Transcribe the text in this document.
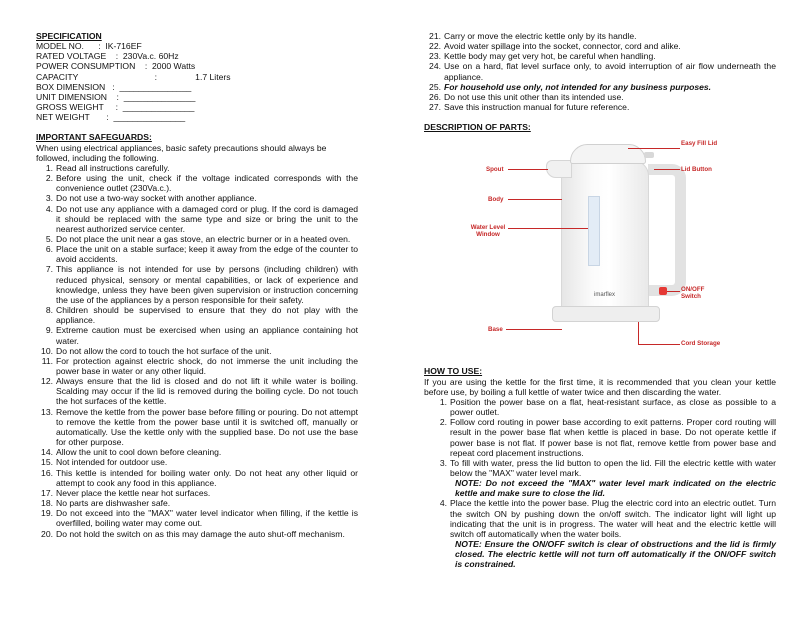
SPECIFICATION
MODEL NO.      :  IK-716EF
RATED VOLTAGE    :  230Va.c. 60Hz
POWER CONSUMPTION    :  2000 Watts
CAPACITY                                :                1.7 Liters
BOX DIMENSION   :  _______________
UNIT DIMENSION    :  _______________
GROSS WEIGHT     :  _______________
NET WEIGHT       :  _______________
IMPORTANT SAFEGUARDS:
When using electrical appliances, basic safety precautions should always be followed, including the following.
1. Read all instructions carefully.
2. Before using the unit, check if the voltage indicated corresponds with the convenience outlet (230Va.c.).
3. Do not use a two-way socket with another appliance.
4. Do not use any appliance with a damaged cord or plug. If the cord is damaged it should be replaced with the same type and size or bring the unit to the nearest authorized service center.
5. Do not place the unit near a gas stove, an electric burner or in a heated oven.
6. Place the unit on a stable surface; keep it away from the edge of the counter to avoid accidents.
7. This appliance is not intended for use by persons (including children) with reduced physical, sensory or mental capabilities, or lack of experience and knowledge, unless they have been given supervision or instruction concerning the use of the appliances by a person responsible for their safety.
8. Children should be supervised to ensure that they do not play with the appliance.
9. Extreme caution must be exercised when using an appliance containing hot water.
10. Do not allow the cord to touch the hot surface of the unit.
11. For protection against electric shock, do not immerse the unit including the power base in water or any other liquid.
12. Always ensure that the lid is closed and do not lift it while water is boiling. Scalding may occur if the lid is removed during the boiling cycle. Do not touch the hot surfaces of the kettle.
13. Remove the kettle from the power base before filling or pouring. Do not attempt to remove the kettle from the power base until it is switched off, manually or automatically. Use the kettle only with the supplied base. Do not use the base for other purpose.
14. Allow the unit to cool down before cleaning.
15. Not intended for outdoor use.
16. This kettle is intended for boiling water only. Do not heat any other liquid or attempt to cook any food in this appliance.
17. Never place the kettle near hot surfaces.
18. No parts are dishwasher safe.
19. Do not exceed into the "MAX" water level indicator when filling, if the kettle is overfilled, boiling water may come out.
20. Do not hold the switch on as this may damage the auto shut-off mechanism.
21. Carry or move the electric kettle only by its handle.
22. Avoid water spillage into the socket, connector, cord and alike.
23. Kettle body may get very hot, be careful when handling.
24. Use on a hard, flat level surface only, to avoid interruption of air flow underneath the appliance.
25. For household use only, not intended for any business purposes.
26. Do not use this unit other than its intended use.
27. Save this instruction manual for future reference.
DESCRIPTION OF PARTS:
imarflex
Easy Fill Lid
Spout	Lid Button
Body
Water Level Window
ON/OFF Switch
Base
Cord Storage
HOW TO USE:
If you are using the kettle for the first time, it is recommended that you clean your kettle before use, by boiling a full kettle of water twice and then discarding the water.
1. Position the power base on a flat, heat-resistant surface, as close as possible to a power outlet.
2. Follow cord routing in power base according to exit patterns. Proper cord routing will result in the power base flat when kettle is placed in base. Do not operate kettle if power base is not flat. If power base is not flat, remove kettle from power base and repeat cord placement instructions.
3. To fill with water, press the lid button to open the lid. Fill the electric kettle with water below the "MAX" water level mark.
NOTE: Do not exceed the "MAX" water level mark indicated on the electric kettle and make sure to close the lid.
4. Place the kettle into the power base. Plug the electric cord into an electric outlet. Turn the switch ON by pushing down the on/off switch. The indicator light will light up indicating that the unit is in progress. The water will heat and the electric kettle will switch off automatically when the water boils.
NOTE: Ensure the ON/OFF switch is clear of obstructions and the lid is firmly closed. The electric kettle will not turn off automatically if the ON/OFF switch is constrained.
